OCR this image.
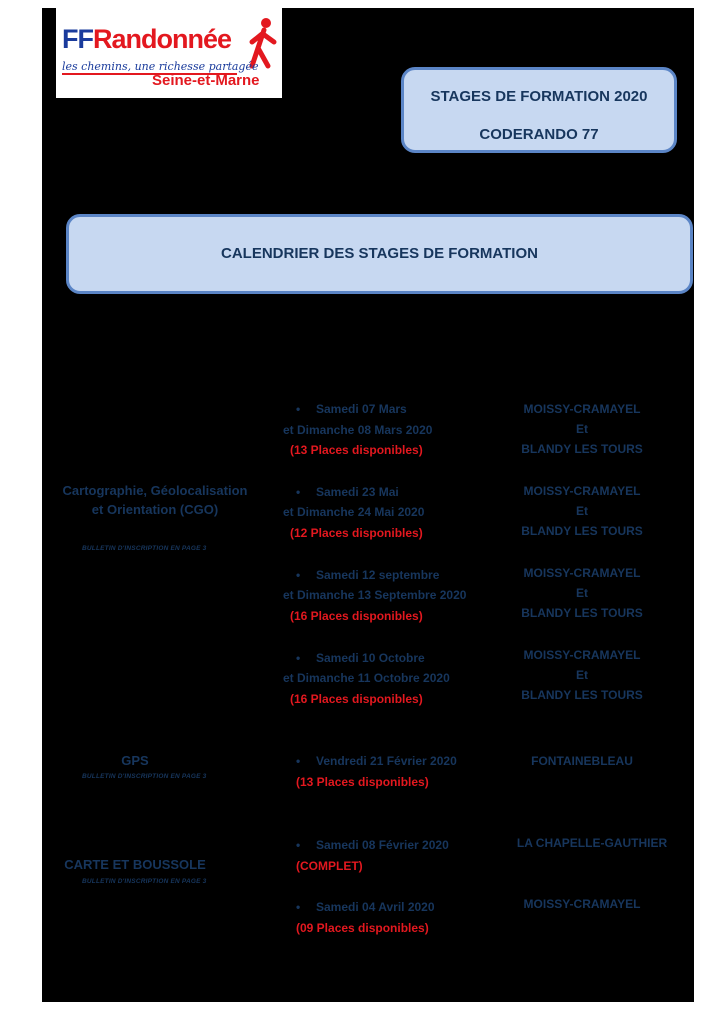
FFRandonnée
les chemins, une richesse partagée
Seine-et-Marne
STAGES DE FORMATION 2020
CODERANDO 77
CALENDRIER DES STAGES DE FORMATION
Cartographie, Géolocalisation
et Orientation (CGO)
BULLETIN D'INSCRIPTION EN PAGE 3
• Samedi 07 Mars
et Dimanche 08 Mars 2020
(13 Places disponibles)
MOISSY-CRAMAYEL
Et
BLANDY LES TOURS
• Samedi 23 Mai
et Dimanche 24 Mai 2020
(12 Places disponibles)
MOISSY-CRAMAYEL
Et
BLANDY LES TOURS
• Samedi 12 septembre
et Dimanche 13 Septembre 2020
(16 Places disponibles)
MOISSY-CRAMAYEL
Et
BLANDY LES TOURS
• Samedi 10 Octobre
et Dimanche 11 Octobre 2020
(16 Places disponibles)
MOISSY-CRAMAYEL
Et
BLANDY LES TOURS
GPS
BULLETIN D'INSCRIPTION EN PAGE 3
• Vendredi 21 Février 2020
(13 Places disponibles)
FONTAINEBLEAU
CARTE ET BOUSSOLE
BULLETIN D'INSCRIPTION EN PAGE 3
• Samedi 08 Février 2020
(COMPLET)
LA CHAPELLE-GAUTHIER
• Samedi 04 Avril 2020
(09 Places disponibles)
MOISSY-CRAMAYEL
